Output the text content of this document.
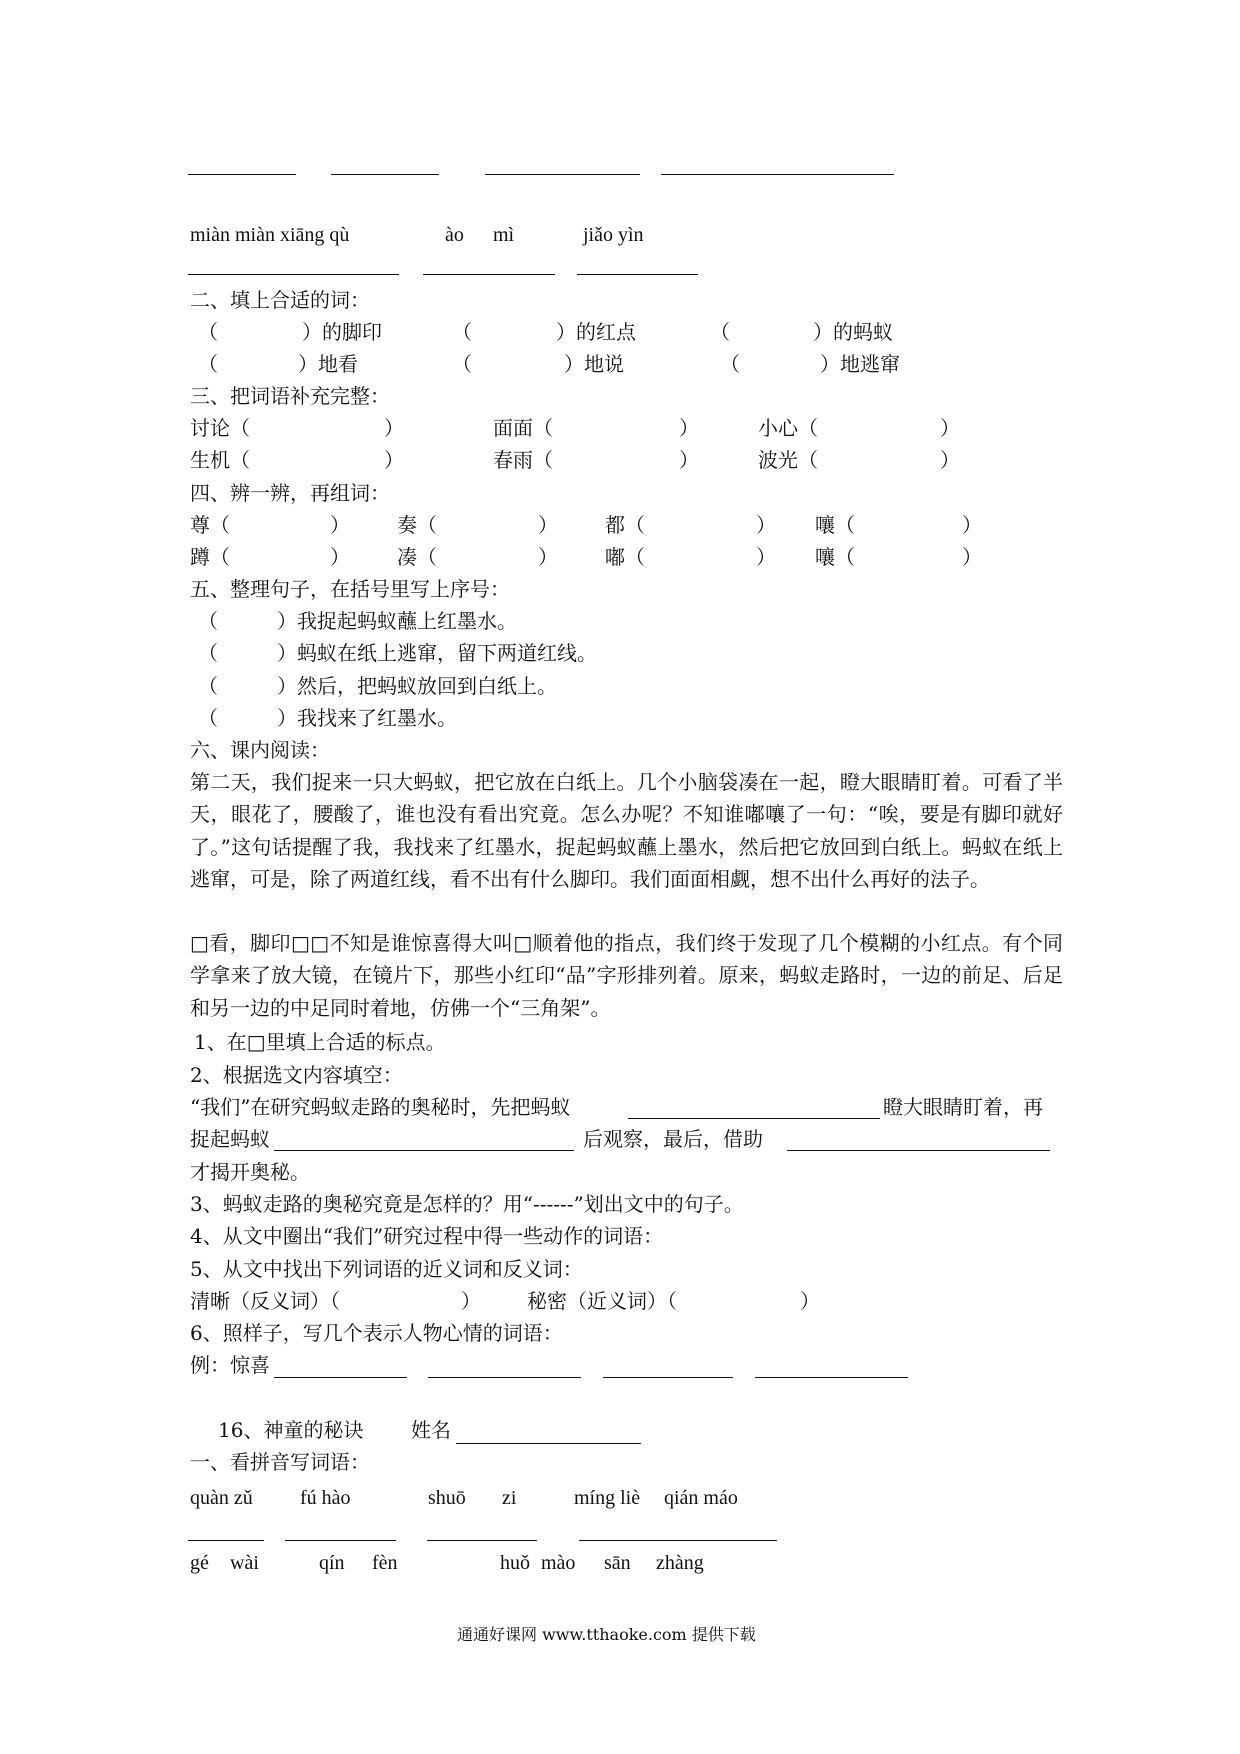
miàn miàn xiāng qù	ào mì	jiǎo yìn
二、填上合适的词：
（	）的脚印	（	）的红点	（	）的蚂蚁
（	）地看	（	）地说	（	）地逃窜
三、把词语补充完整：
讨论（	）	面面（	）	小心（	）
生机（	）	春雨（	）	波光（	）
四、辨一辨，再组词：
尊（	） 奏（	） 都（	） 嚷（	）
蹲（	） 凑（	） 嘟（	） 嚷（	）
五、整理句子，在括号里写上序号：
（	）我捉起蚂蚁蘸上红墨水。
（	）蚂蚁在纸上逃窜，留下两道红线。
（	）然后，把蚂蚁放回到白纸上。
（	）我找来了红墨水。
六、课内阅读：
第二天，我们捉来一只大蚂蚁，把它放在白纸上。几个小脑袋凑在一起，瞪大眼睛盯着。可看了半天，眼花了，腰酸了，谁也没有看出究竟。怎么办呢？不知谁嘟嚷了一句：“唉，要是有脚印就好了。”这句话提醒了我，我找来了红墨水，捉起蚂蚁蘸上墨水，然后把它放回到白纸上。蚂蚁在纸上逃窜，可是，除了两道红线，看不出有什么脚印。我们面面相觑，想不出什么再好的法子。
□看，脚印□□不知是谁惊喜得大叫□顺着他的指点，我们终于发现了几个模糊的小红点。有个同学拿来了放大镜，在镜片下，那些小红印“品”字形排列着。原来，蚂蚁走路时，一边的前足、后足和另一边的中足同时着地，仿佛一个“三角架”。
1、在□里填上合适的标点。
2、根据选文内容填空：
“我们”在研究蚂蚁走路的奥秘时，先把蚂蚁	瞪大眼睛盯着，再
捉起蚂蚁	后观察，最后，借助
才揭开奥秘。
3、蚂蚁走路的奥秘究竟是怎样的？用“------”划出文中的句子。
4、从文中圈出“我们”研究过程中得一些动作的词语：
5、从文中找出下列词语的近义词和反义词：
清晰（反义词）（	） 秘密（近义词）（	）
6、照样子，写几个表示人物心情的词语：
例：惊喜
16、神童的秘诀 姓名
一、看拼音写词语：
quàn zǔ fú hào	shuō zi	míng liè qián máo
gé wài	qín fèn	huǒ mào sān zhàng
通通好课网 www.tthaoke.com 提供下载
